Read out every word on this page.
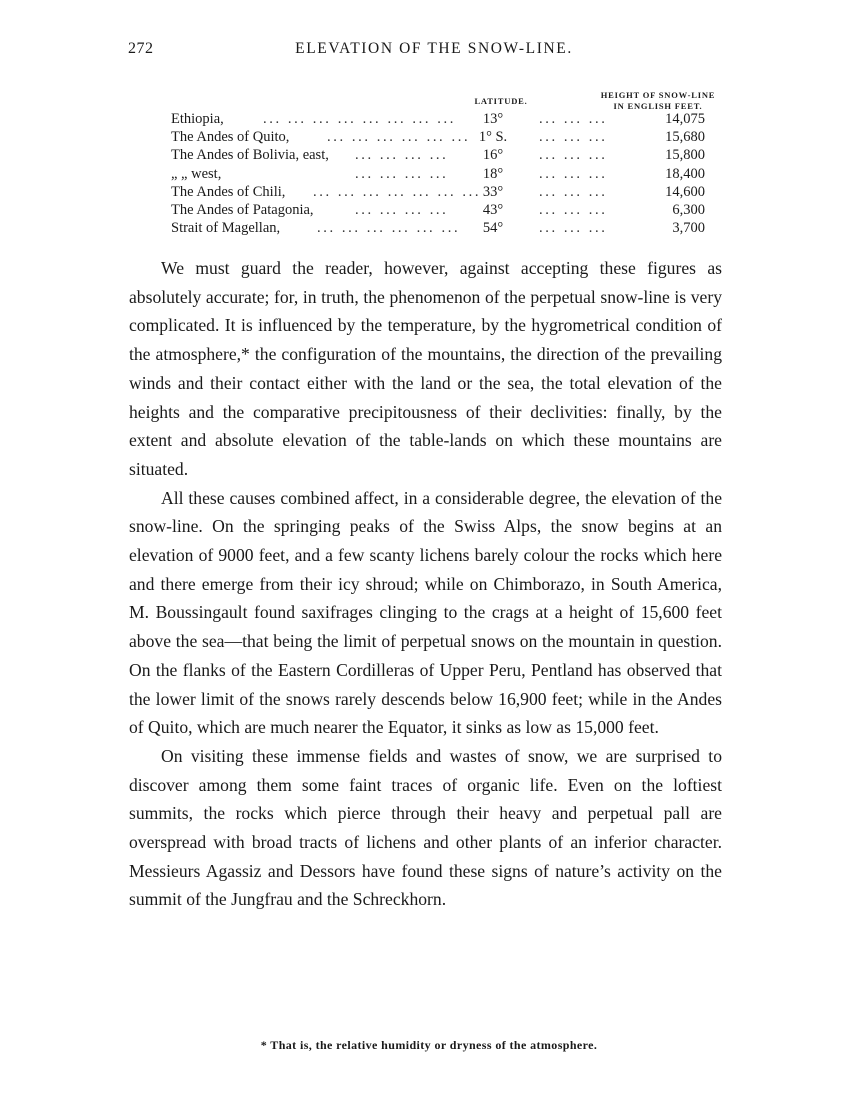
272	ELEVATION OF THE SNOW-LINE.
LATITUDE.
HEIGHT OF SNOW-LINE
IN ENGLISH FEET.
Ethiopia,	... ... ... ... ... ... ... ...	13°	... ... ...	14,075
The Andes of Quito,	... ... ... ... ... ... 1° S.	... ... ...	15,680
The Andes of Bolivia, east, ... ... ... ...	16°	... ... ...	15,800
„ „ west,	... ... ... ...	18°	... ... ...	18,400
The Andes of Chili, ... ... ... ... ... ... ... 33°	... ... ...	14,600
The Andes of Patagonia,	... ... ... ...	43°	... ... ...	6,300
Strait of Magellan,	... ... ... ... ... ...	54°	... ... ...	3,700

We must guard the reader, however, against accepting these figures as absolutely accurate; for, in truth, the phenomenon of the perpetual snow-line is very complicated. It is influenced by the temperature, by the hygrometrical condition of the atmosphere,* the configuration of the mountains, the direction of the prevailing winds and their contact either with the land or the sea, the total elevation of the heights and the comparative precipitousness of their declivities: finally, by the extent and absolute elevation of the table-lands on which these mountains are situated.

All these causes combined affect, in a considerable degree, the elevation of the snow-line. On the springing peaks of the Swiss Alps, the snow begins at an elevation of 9000 feet, and a few scanty lichens barely colour the rocks which here and there emerge from their icy shroud; while on Chimborazo, in South America, M. Boussingault found saxifrages clinging to the crags at a height of 15,600 feet above the sea—that being the limit of perpetual snows on the mountain in question. On the flanks of the Eastern Cordilleras of Upper Peru, Pentland has observed that the lower limit of the snows rarely descends below 16,900 feet; while in the Andes of Quito, which are much nearer the Equator, it sinks as low as 15,000 feet.

On visiting these immense fields and wastes of snow, we are surprised to discover among them some faint traces of organic life. Even on the loftiest summits, the rocks which pierce through their heavy and perpetual pall are overspread with broad tracts of lichens and other plants of an inferior character. Messieurs Agassiz and Dessors have found these signs of nature’s activity on the summit of the Jungfrau and the Schreckhorn.

* That is, the relative humidity or dryness of the atmosphere.
